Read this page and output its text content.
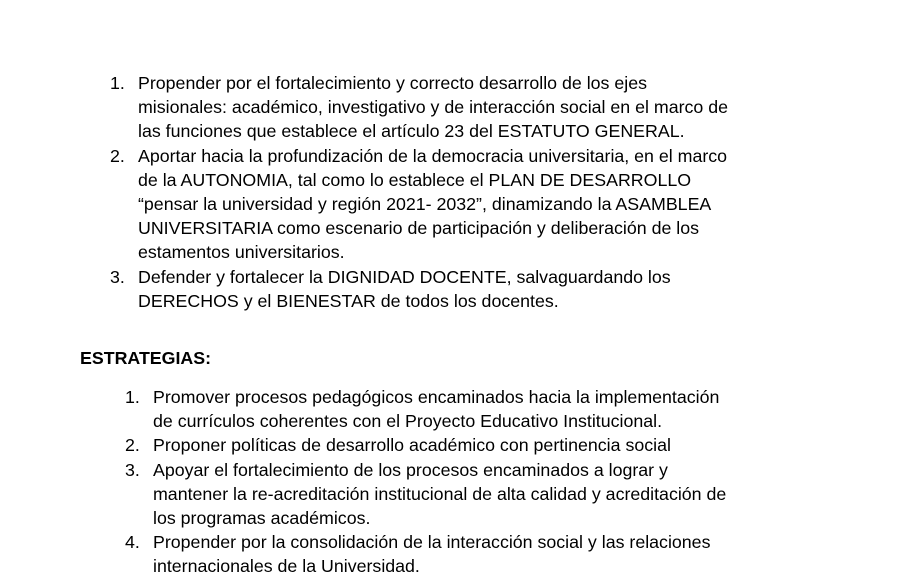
1. Propender por el fortalecimiento y correcto desarrollo de los ejes
misionales: académico, investigativo y de interacción social en el marco de
las funciones que establece el artículo 23 del ESTATUTO GENERAL.
2. Aportar hacia la profundización de la democracia universitaria, en el marco
de la AUTONOMIA, tal como lo establece el PLAN DE DESARROLLO
“pensar la universidad y región 2021- 2032”, dinamizando la ASAMBLEA
UNIVERSITARIA como escenario de participación y deliberación de los
estamentos universitarios.
3. Defender y fortalecer la DIGNIDAD DOCENTE, salvaguardando los
DERECHOS y el BIENESTAR de todos los docentes.
ESTRATEGIAS:
1. Promover procesos pedagógicos encaminados hacia la implementación
de currículos coherentes con el Proyecto Educativo Institucional.
2. Proponer políticas de desarrollo académico con pertinencia social
3. Apoyar el fortalecimiento de los procesos encaminados a lograr y
mantener la re-acreditación institucional de alta calidad y acreditación de
los programas académicos.
4. Propender por la consolidación de la interacción social y las relaciones
internacionales de la Universidad.
